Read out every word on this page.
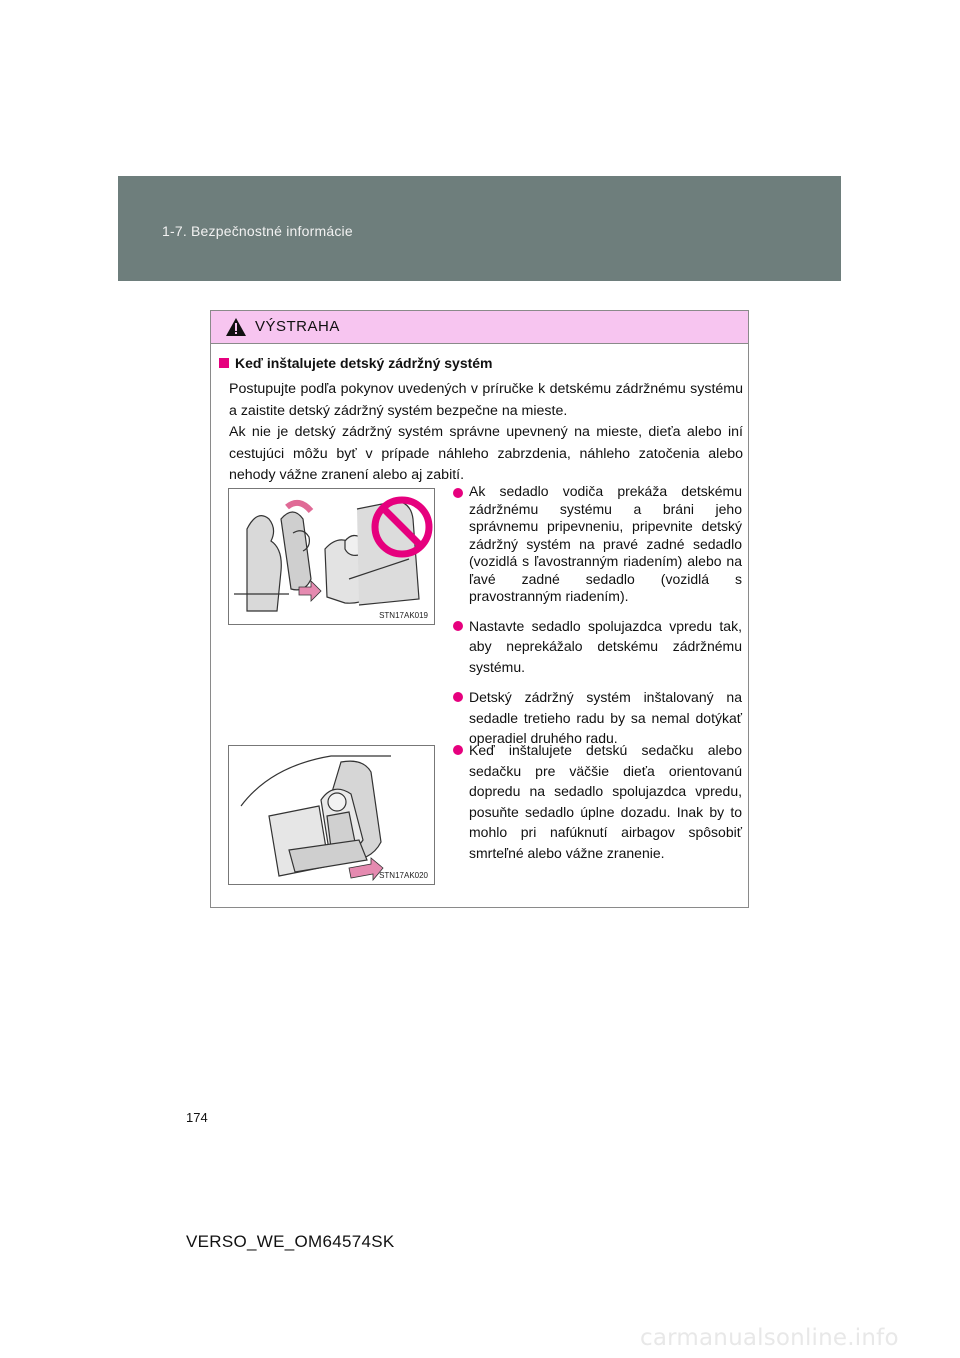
1-7. Bezpečnostné informácie
VÝSTRAHA
Keď inštalujete detský zádržný systém

Postupujte podľa pokynov uvedených v príručke k detskému zádržnému systému a zaistite detský zádržný systém bezpečne na mieste.

Ak nie je detský zádržný systém správne upevnený na mieste, dieťa alebo iní cestujúci môžu byť v prípade náhleho zabrzdenia, náhleho zatočenia alebo nehody vážne zranení alebo aj zabití.

STN17AK019
STN17AK020
Ak sedadlo vodiča prekáža detskému zádržnému systému a bráni jeho správnemu pripevneniu, pripevnite detský zádržný systém na pravé zadné sedadlo (vozidlá s ľavostranným riadením) alebo na ľavé zadné sedadlo (vozidlá s pravostranným riadením).
Nastavte sedadlo spolujazdca vpredu tak, aby neprekážalo detskému zádržnému systému.
Detský zádržný systém inštalovaný na sedadle tretieho radu by sa nemal dotýkať operadiel druhého radu.
Keď inštalujete detskú sedačku alebo sedačku pre väčšie dieťa orientovanú dopredu na sedadlo spolujazdca vpredu, posuňte sedadlo úplne dozadu. Inak by to mohlo pri nafúknutí airbagov spôsobiť smrteľné alebo vážne zranenie.
174
VERSO_WE_OM64574SK
carmanualsonline.info
